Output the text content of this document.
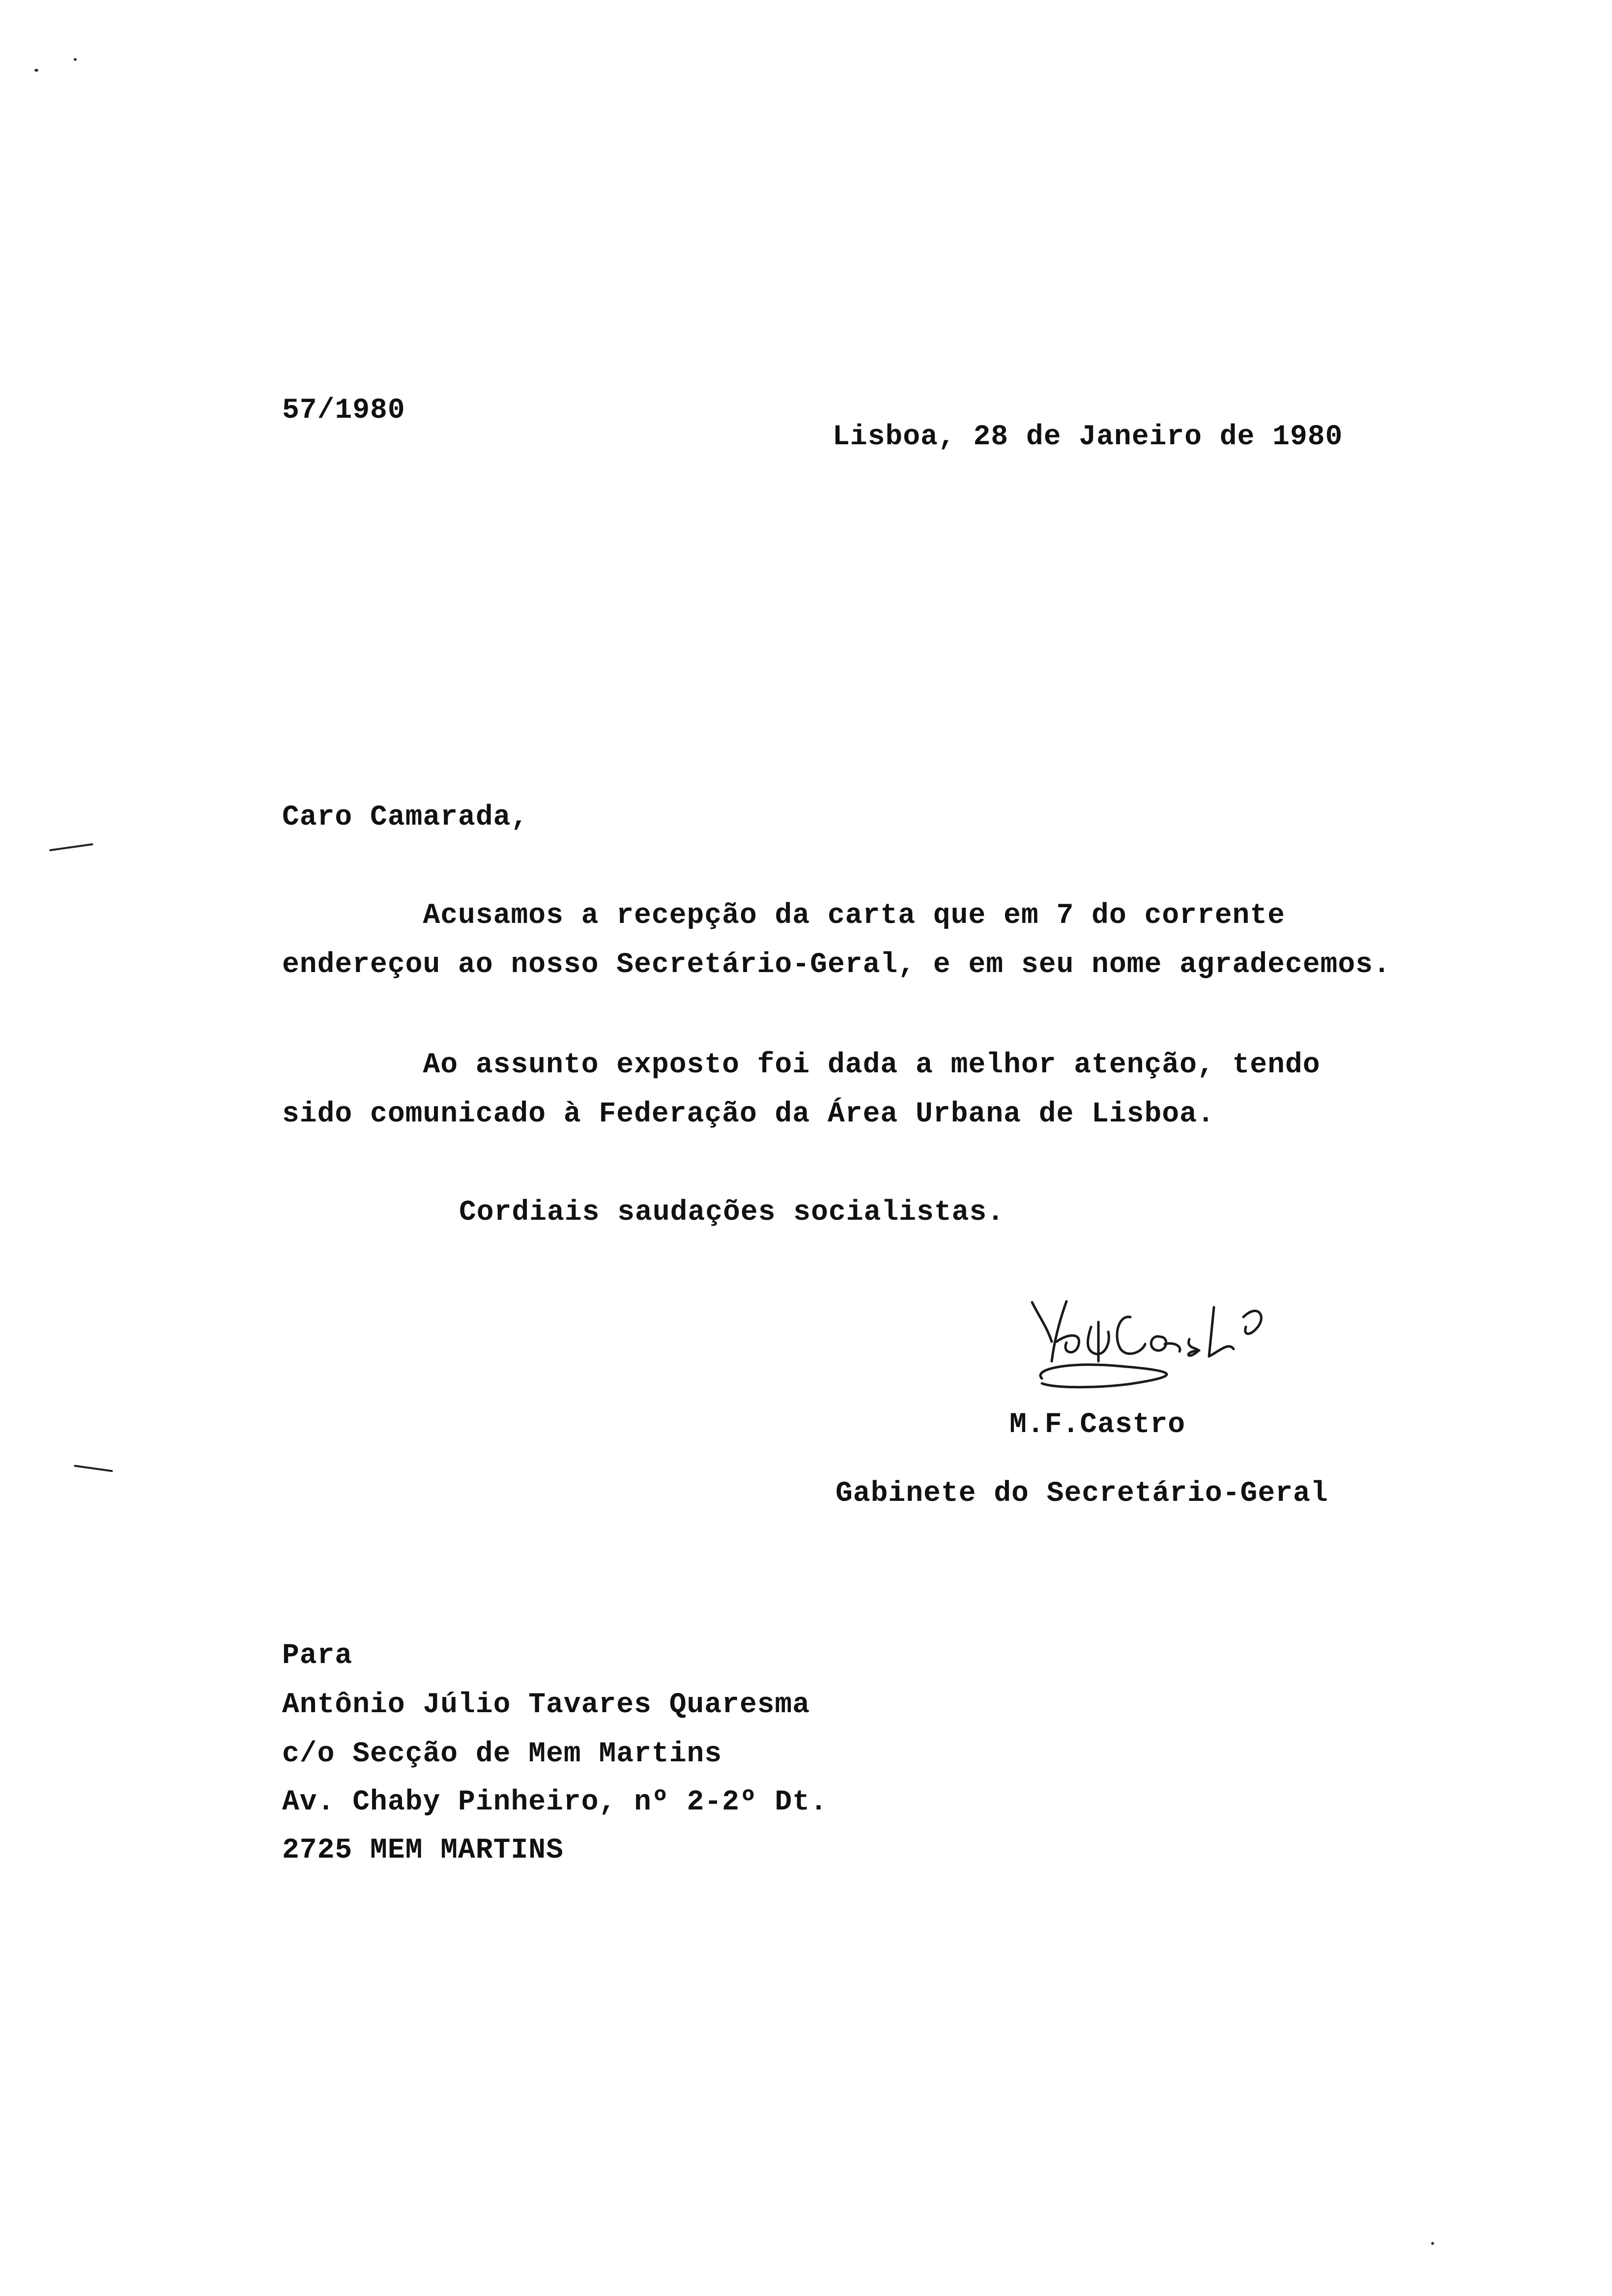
57/1980
Lisboa, 28 de Janeiro de 1980
Caro Camarada,
Acusamos a recepção da carta que em 7 do corrente
endereçou ao nosso Secretário-Geral, e em seu nome agradecemos.
Ao assunto exposto foi dada a melhor atenção, tendo
sido comunicado à Federação da Área Urbana de Lisboa.
Cordiais saudações socialistas.
M.F.Castro
Gabinete do Secretário-Geral
Para
Antônio Júlio Tavares Quaresma
c/o Secção de Mem Martins
Av. Chaby Pinheiro, nº 2-2º Dt.
2725 MEM MARTINS
